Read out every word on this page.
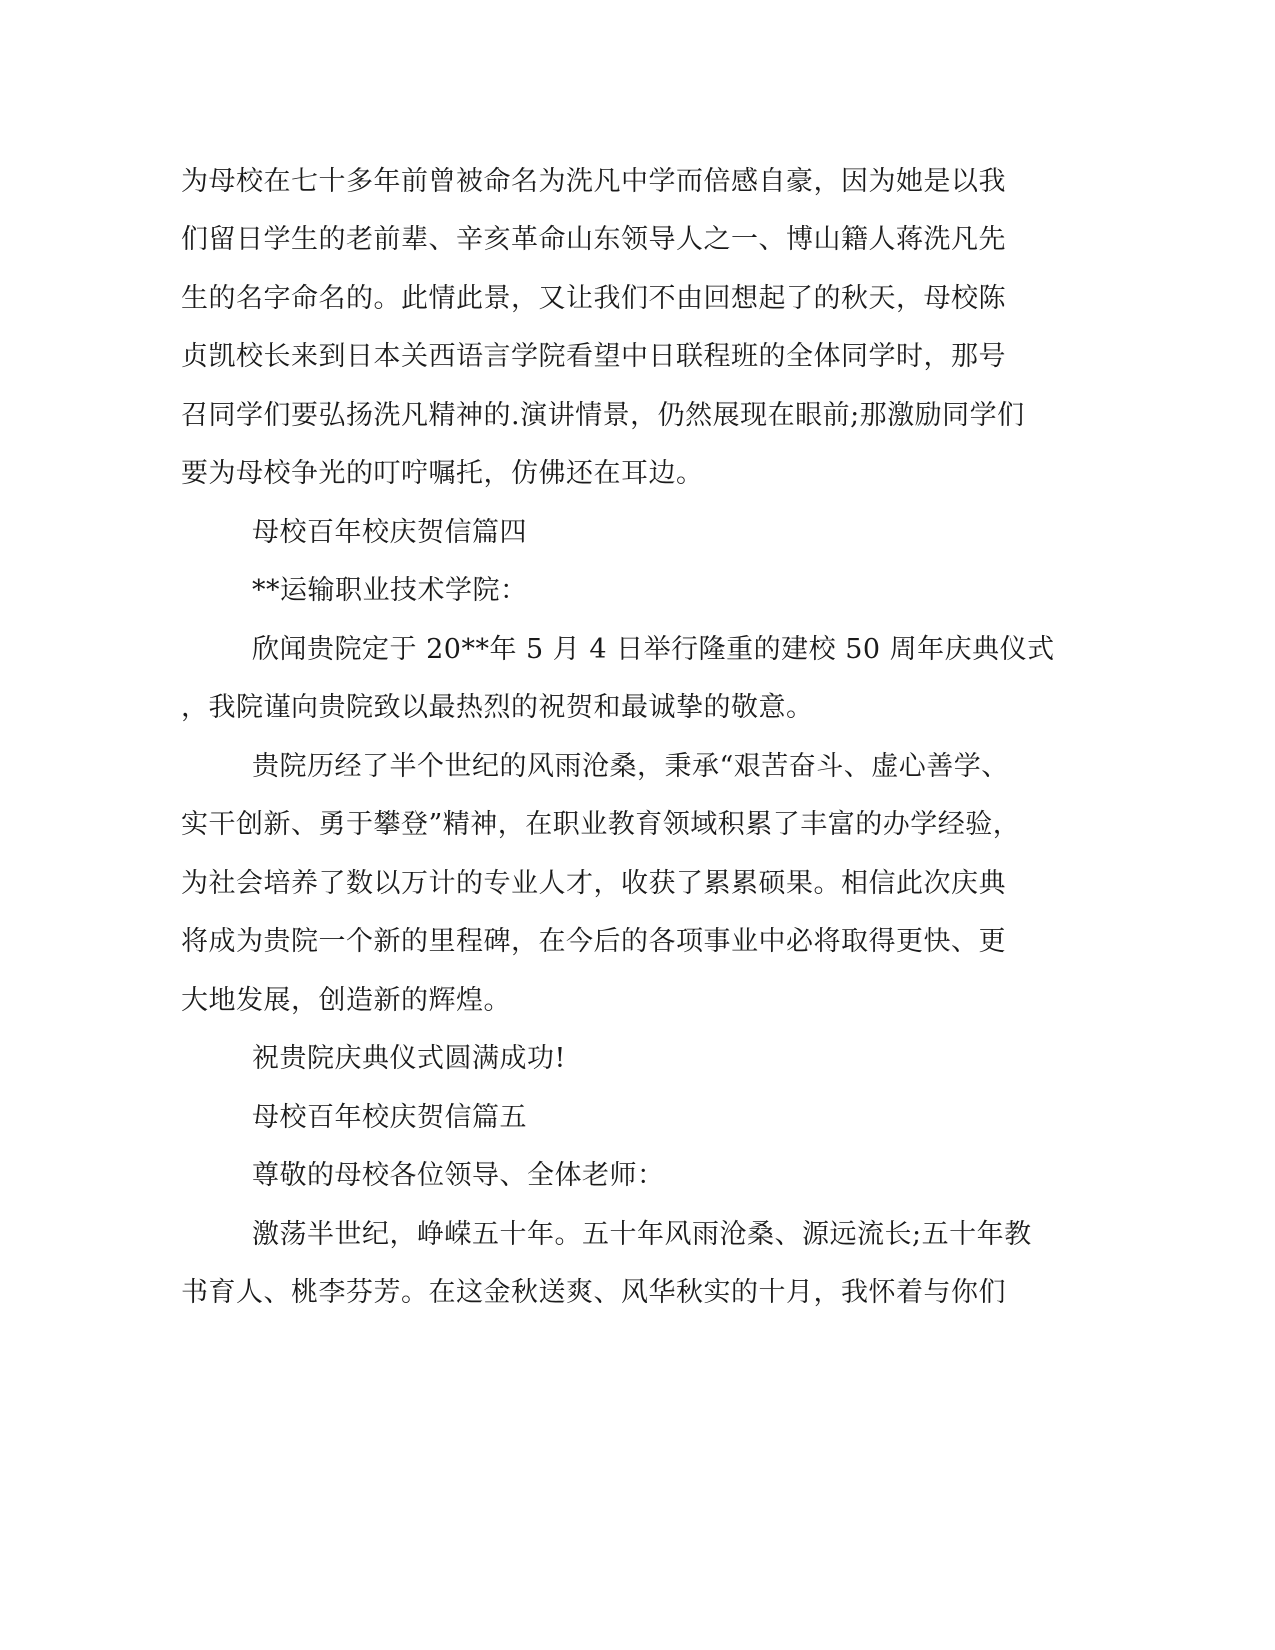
为母校在七十多年前曾被命名为洗凡中学而倍感自豪，因为她是以我
们留日学生的老前辈、辛亥革命山东领导人之一、博山籍人蒋洗凡先
生的名字命名的。此情此景，又让我们不由回想起了的秋天，母校陈
贞凯校长来到日本关西语言学院看望中日联程班的全体同学时，那号
召同学们要弘扬洗凡精神的.演讲情景，仍然展现在眼前;那激励同学们
要为母校争光的叮咛嘱托，仿佛还在耳边。
母校百年校庆贺信篇四
**运输职业技术学院：
欣闻贵院定于 20**年 5 月 4 日举行隆重的建校 50 周年庆典仪式
，我院谨向贵院致以最热烈的祝贺和最诚挚的敬意。
贵院历经了半个世纪的风雨沧桑，秉承“艰苦奋斗、虚心善学、
实干创新、勇于攀登”精神，在职业教育领域积累了丰富的办学经验，
为社会培养了数以万计的专业人才，收获了累累硕果。相信此次庆典
将成为贵院一个新的里程碑，在今后的各项事业中必将取得更快、更
大地发展，创造新的辉煌。
祝贵院庆典仪式圆满成功!
母校百年校庆贺信篇五
尊敬的母校各位领导、全体老师：
激荡半世纪，峥嵘五十年。五十年风雨沧桑、源远流长;五十年教
书育人、桃李芬芳。在这金秋送爽、风华秋实的十月，我怀着与你们
